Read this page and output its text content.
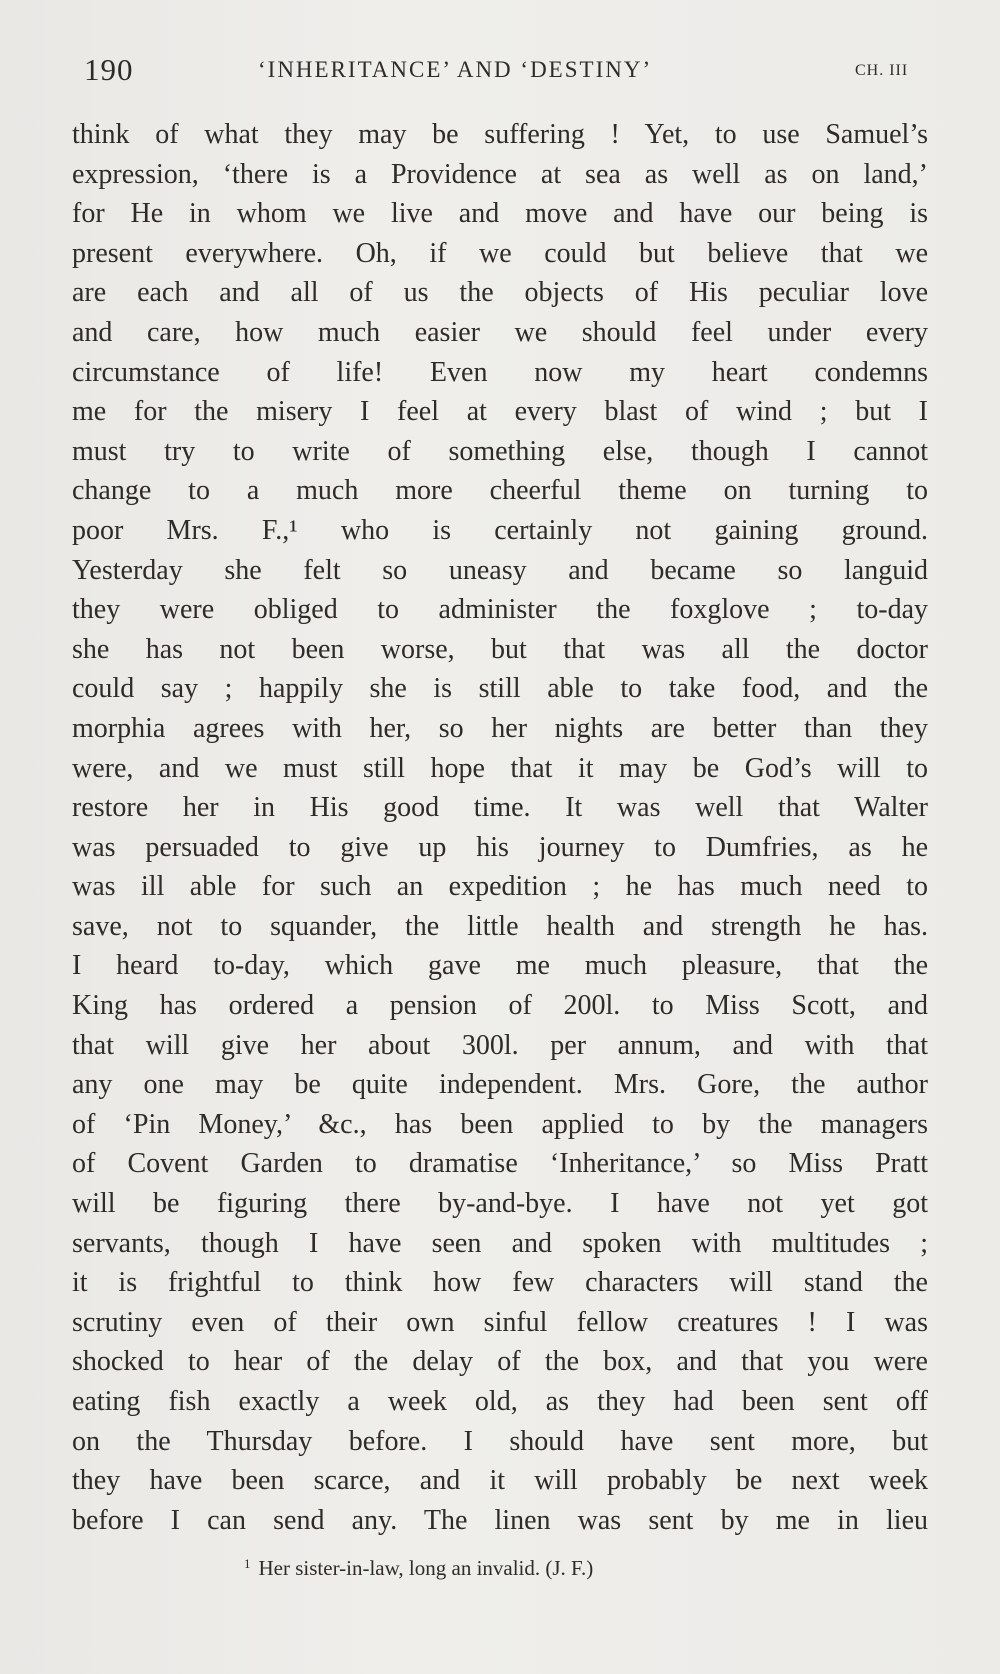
190	‘INHERITANCE’ AND ‘DESTINY’	CH. III
think of what they may be suffering ! Yet, to use Samuel’s
expression, ‘there is a Providence at sea as well as on land,’
for He in whom we live and move and have our being is
present everywhere. Oh, if we could but believe that we
are each and all of us the objects of His peculiar love
and care, how much easier we should feel under every
circumstance of life! Even now my heart condemns
me for the misery I feel at every blast of wind ; but I
must try to write of something else, though I cannot
change to a much more cheerful theme on turning to
poor Mrs. F.,¹ who is certainly not gaining ground.
Yesterday she felt so uneasy and became so languid
they were obliged to administer the foxglove ; to-day
she has not been worse, but that was all the doctor
could say ; happily she is still able to take food, and the
morphia agrees with her, so her nights are better than they
were, and we must still hope that it may be God’s will to
restore her in His good time. It was well that Walter
was persuaded to give up his journey to Dumfries, as he
was ill able for such an expedition ; he has much need to
save, not to squander, the little health and strength he has.
I heard to-day, which gave me much pleasure, that the
King has ordered a pension of 200l. to Miss Scott, and
that will give her about 300l. per annum, and with that
any one may be quite independent. Mrs. Gore, the author
of ‘Pin Money,’ &c., has been applied to by the managers
of Covent Garden to dramatise ‘Inheritance,’ so Miss Pratt
will be figuring there by-and-bye. I have not yet got
servants, though I have seen and spoken with multitudes ;
it is frightful to think how few characters will stand the
scrutiny even of their own sinful fellow creatures ! I was
shocked to hear of the delay of the box, and that you were
eating fish exactly a week old, as they had been sent off
on the Thursday before. I should have sent more, but
they have been scarce, and it will probably be next week
before I can send any. The linen was sent by me in lieu
$^1$ Her sister-in-law, long an invalid. (J. F.)
